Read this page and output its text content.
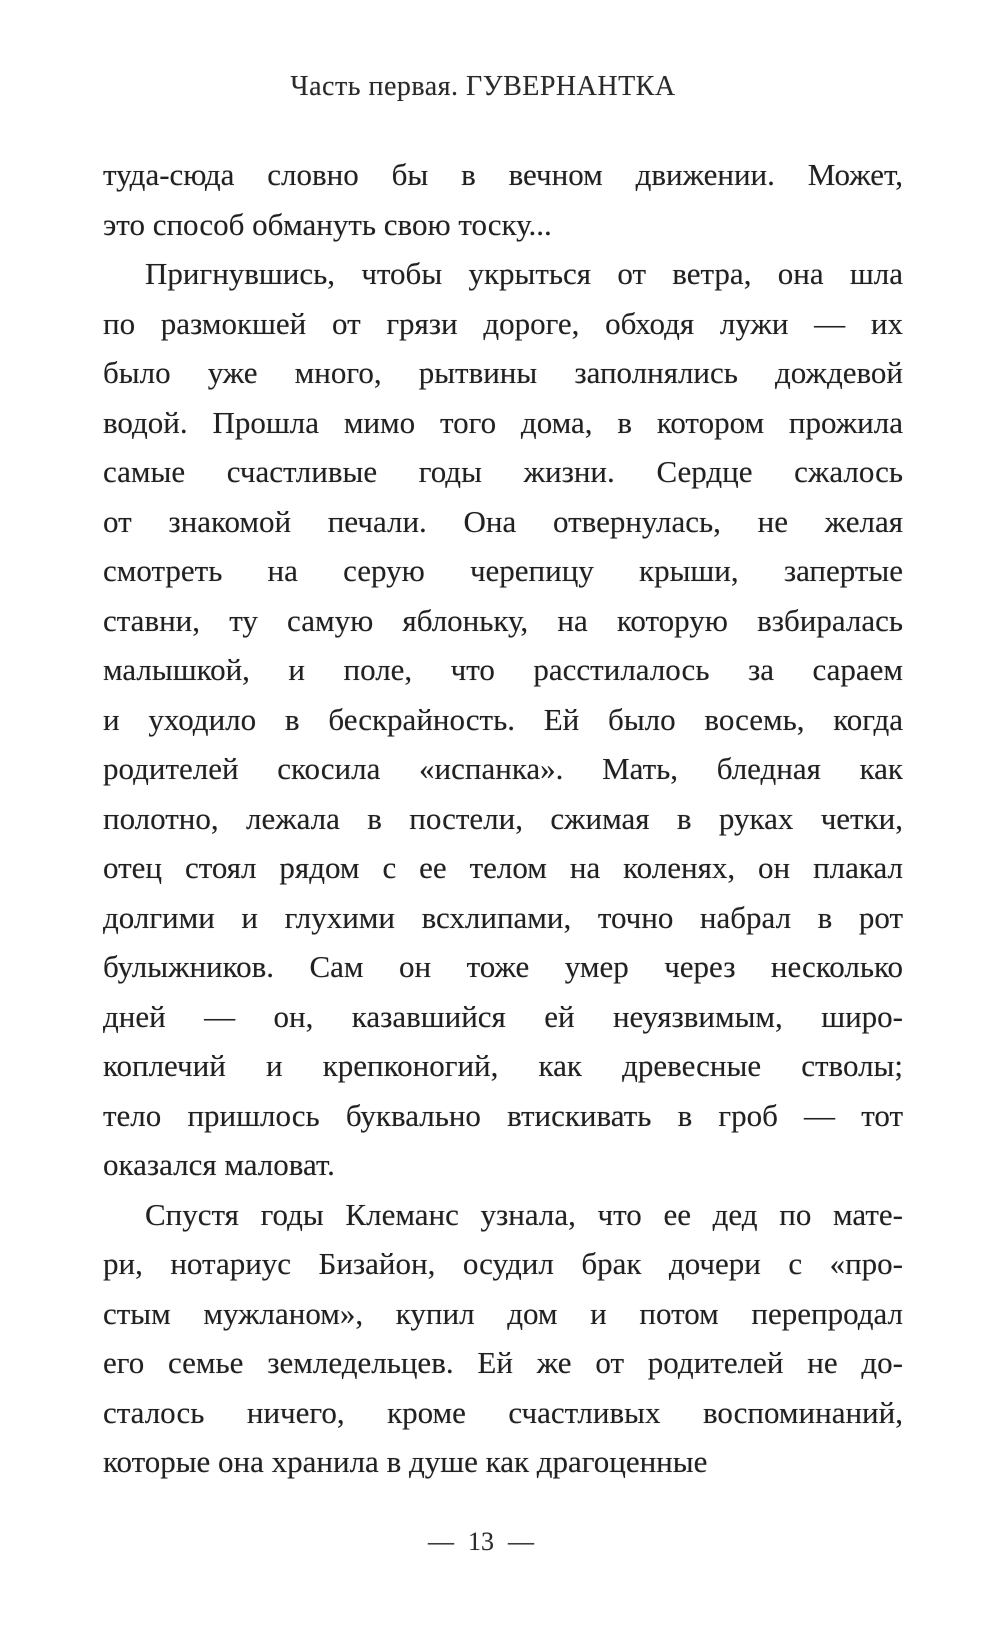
Часть первая. ГУВЕРНАНТКА
туда-сюда словно бы в вечном движении. Может,
это способ обмануть свою тоску...
Пригнувшись, чтобы укрыться от ветра, она шла
по размокшей от грязи дороге, обходя лужи — их
было уже много, рытвины заполнялись дождевой
водой. Прошла мимо того дома, в котором прожила
самые счастливые годы жизни. Сердце сжалось
от знакомой печали. Она отвернулась, не желая
смотреть на серую черепицу крыши, запертые
ставни, ту самую яблоньку, на которую взбиралась
малышкой, и поле, что расстилалось за сараем
и уходило в бескрайность. Ей было восемь, когда
родителей скосила «испанка». Мать, бледная как
полотно, лежала в постели, сжимая в руках четки,
отец стоял рядом с ее телом на коленях, он плакал
долгими и глухими всхлипами, точно набрал в рот
булыжников. Сам он тоже умер через несколько
дней — он, казавшийся ей неуязвимым, широ-
коплечий и крепконогий, как древесные стволы;
тело пришлось буквально втискивать в гроб — тот
оказался маловат.
Спустя годы Клеманс узнала, что ее дед по мате-
ри, нотариус Бизайон, осудил брак дочери с «про-
стым мужланом», купил дом и потом перепродал
его семье земледельцев. Ей же от родителей не до-
сталось ничего, кроме счастливых воспоминаний,
которые она хранила в душе как драгоценные
— 13 —
